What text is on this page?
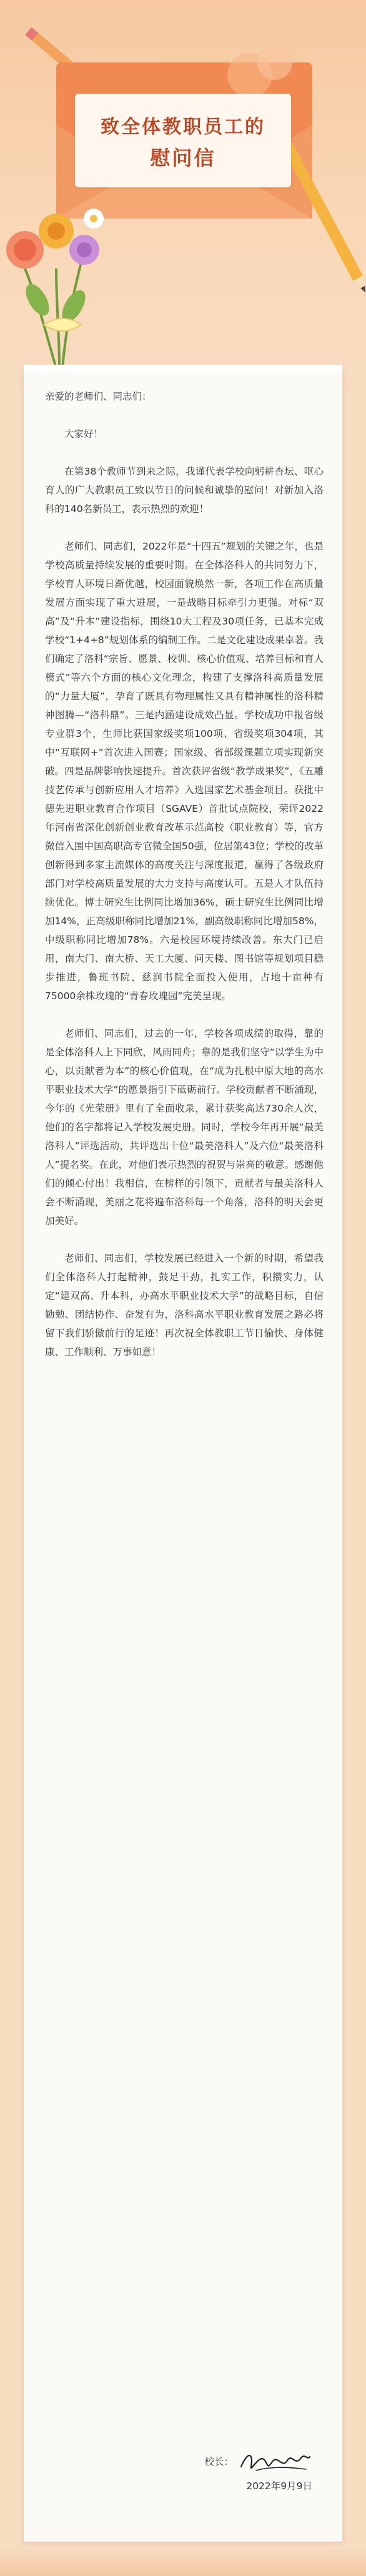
致全体教职员工的
慰问信

亲爱的老师们、同志们：

大家好！

在第38个教师节到来之际，我谨代表学校向躬耕杏坛、呕心育人的广大教职员工致以节日的问候和诚挚的慰问！对新加入洛科的140名新员工，表示热烈的欢迎！

老师们、同志们，2022年是“十四五”规划的关键之年，也是学校高质量持续发展的重要时期。在全体洛科人的共同努力下，学校育人环境日渐优越，校园面貌焕然一新，各项工作在高质量发展方面实现了重大进展，一是战略目标牵引力更强。对标“双高”及“升本”建设指标，围绕10大工程及30项任务，已基本完成学校“1+4+8”规划体系的编制工作。二是文化建设成果卓著。我们确定了洛科“宗旨、愿景、校训、核心价值观、培养目标和育人模式”等六个方面的核心文化理念，构建了支撑洛科高质量发展的“力量大厦”，孕育了既具有物理属性又具有精神属性的洛科精神图腾—“洛科鼎”。三是内涵建设成效凸显。学校成功申报省级专业群3个，生师比获国家级奖项100项、省级奖项304项，其中“互联网+”首次进入国赛；国家级、省部级课题立项实现新突破。四是品牌影响快速提升。首次获评省级“教学成果奖”，《五雕技艺传承与创新应用人才培养》入选国家艺术基金项目。获批中德先进职业教育合作项目（SGAVE）首批试点院校，荣评2022年河南省深化创新创业教育改革示范高校（职业教育）等，官方微信入围中国高职高专官微全国50强，位居第43位；学校的改革创新得到多家主流媒体的高度关注与深度报道，赢得了各级政府部门对学校高质量发展的大力支持与高度认可。五是人才队伍持续优化。博士研究生比例同比增加36%，硕士研究生比例同比增加14%，正高级职称同比增加21%，副高级职称同比增加58%，中级职称同比增加78%。六是校园环境持续改善。东大门已启用，南大门、南大桥、天工大厦、问天楼、图书馆等规划项目稳步推进，鲁班书院、慈润书院全面投入使用，占地十亩种有75000余株玫瑰的“青春玫瑰园”完美呈现。

老师们、同志们，过去的一年，学校各项成绩的取得，靠的是全体洛科人上下同欣，风雨同舟；靠的是我们坚守“以学生为中心，以贡献者为本”的核心价值观，在“成为扎根中原大地的高水平职业技术大学”的愿景指引下砥砺前行。学校贡献者不断涌现，今年的《光荣册》里有了全面收录，累计获奖高达730余人次，他们的名字都将记入学校发展史册。同时，学校今年再开展“最美洛科人”评选活动，共评选出十位“最美洛科人”及六位“最美洛科人”提名奖。在此，对他们表示热烈的祝贺与崇高的敬意。感谢他们的倾心付出！我相信，在榜样的引领下，贡献者与最美洛科人会不断涌现，美丽之花将遍布洛科每一个角落，洛科的明天会更加美好。

老师们、同志们，学校发展已经进入一个新的时期，希望我们全体洛科人打起精神，鼓足干劲，扎实工作，积攒实力，认定“建双高、升本科，办高水平职业技术大学”的战略目标，自信勤勉、团结协作、奋发有为，洛科高水平职业教育发展之路必将留下我们骄傲前行的足迹！再次祝全体教职工节日愉快、身体健康、工作顺利、万事如意！

校长：
2022年9月9日
